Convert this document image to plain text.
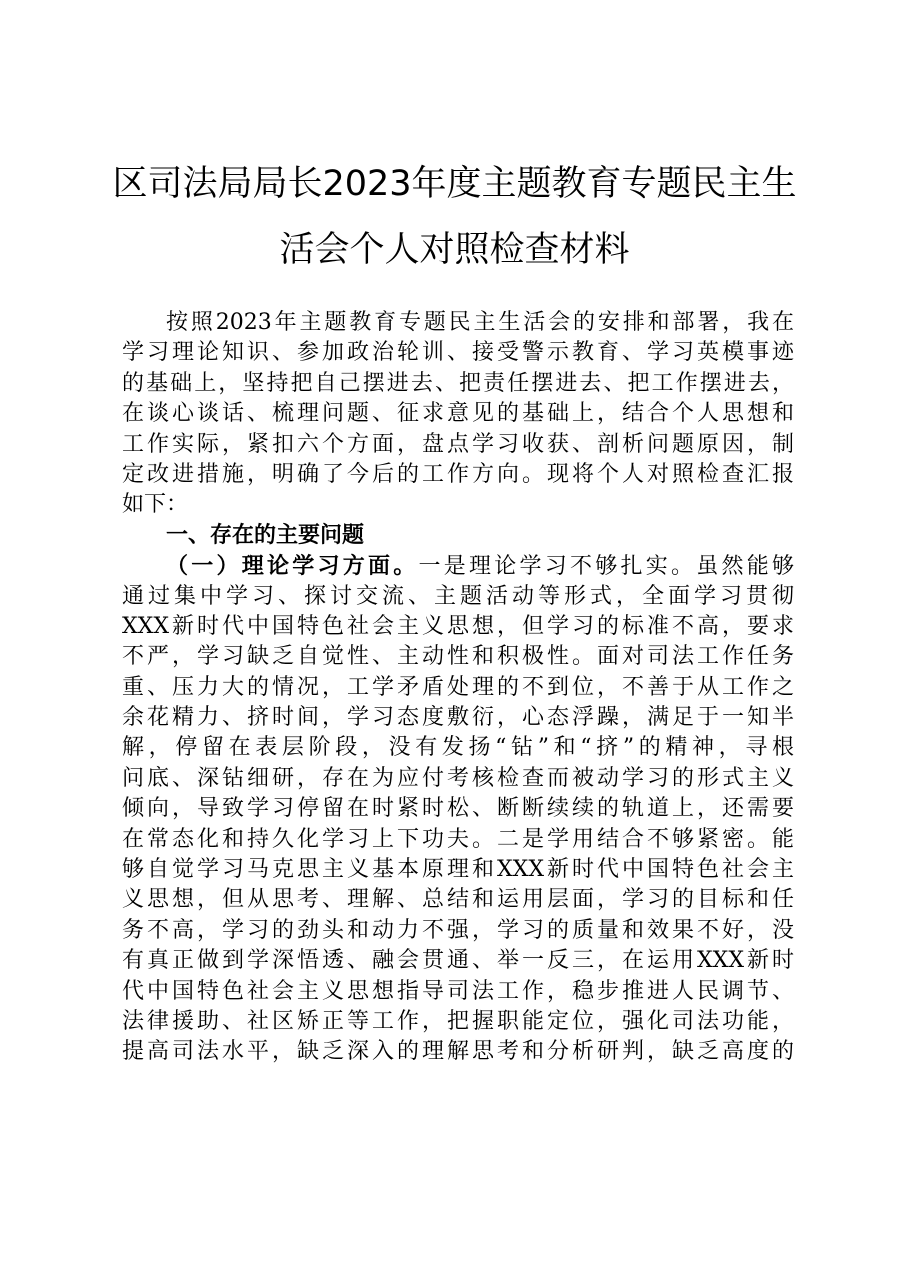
区司法局局长2023年度主题教育专题民主生
活会个人对照检查材料
按照2023年主题教育专题民主生活会的安排和部署，我在
学习理论知识、参加政治轮训、接受警示教育、学习英模事迹
的基础上，坚持把自己摆进去、把责任摆进去、把工作摆进去，
在谈心谈话、梳理问题、征求意见的基础上，结合个人思想和
工作实际，紧扣六个方面，盘点学习收获、剖析问题原因，制
定改进措施，明确了今后的工作方向。现将个人对照检查汇报
如下：
一、存在的主要问题
（一）理论学习方面。一是理论学习不够扎实。虽然能够
通过集中学习、探讨交流、主题活动等形式，全面学习贯彻
XXX新时代中国特色社会主义思想，但学习的标准不高，要求
不严，学习缺乏自觉性、主动性和积极性。面对司法工作任务
重、压力大的情况，工学矛盾处理的不到位，不善于从工作之
余花精力、挤时间，学习态度敷衍，心态浮躁，满足于一知半
解，停留在表层阶段，没有发扬“钻”和“挤”的精神，寻根
问底、深钻细研，存在为应付考核检查而被动学习的形式主义
倾向，导致学习停留在时紧时松、断断续续的轨道上，还需要
在常态化和持久化学习上下功夫。二是学用结合不够紧密。能
够自觉学习马克思主义基本原理和XXX新时代中国特色社会主
义思想，但从思考、理解、总结和运用层面，学习的目标和任
务不高，学习的劲头和动力不强，学习的质量和效果不好，没
有真正做到学深悟透、融会贯通、举一反三，在运用XXX新时
代中国特色社会主义思想指导司法工作，稳步推进人民调节、
法律援助、社区矫正等工作，把握职能定位，强化司法功能，
提高司法水平，缺乏深入的理解思考和分析研判，缺乏高度的
